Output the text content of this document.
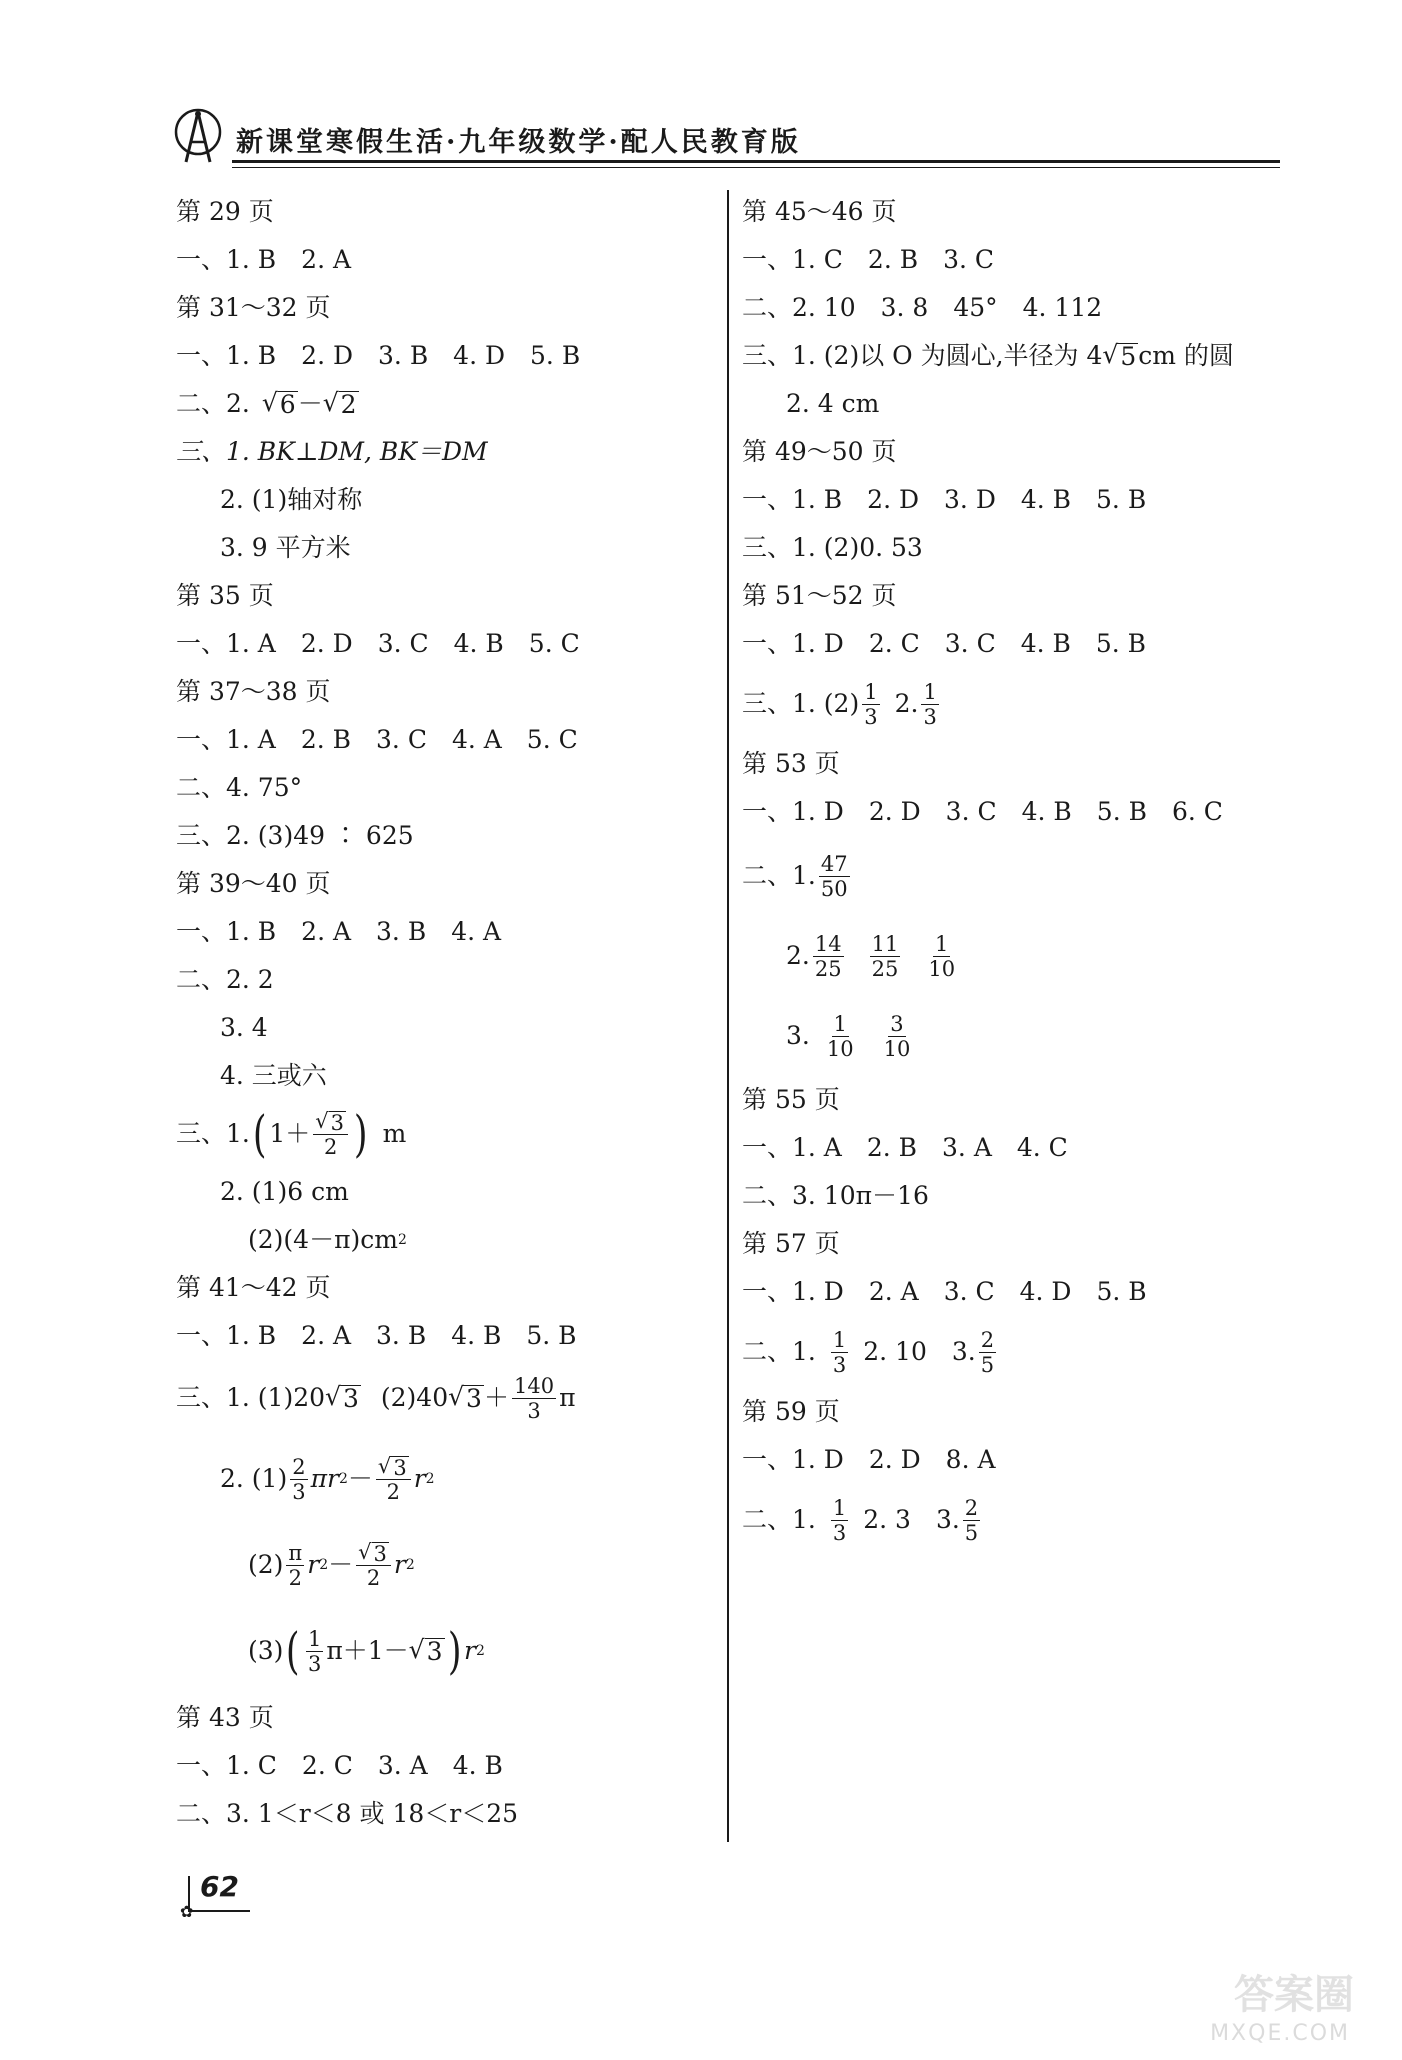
新课堂寒假生活·九年级数学·配人民教育版
第 29 页
一、1. B　2. A
第 31～32 页
一、1. B　2. D　3. B　4. D　5. B
二、2. √ 6 － √ 2
三、1. BK⊥DM, BK＝DM
2. (1)轴对称
3. 9 平方米
第 35 页
一、1. A　2. D　3. C　4. B　5. C
第 37～38 页
一、1. A　2. B　3. C　4. A　5. C
二、4. 75°
三、2. (3)49 ∶ 625
第 39～40 页
一、1. B　2. A　3. B　4. A
二、2. 2
3. 4
4. 三或六
三、1. ( $1+ \frac{√ 3}{2}$ ) m
2. (1)6 cm
(2)(4－π)cm 2
第 41～42 页
一、1. B　2. A　3. B　4. B　5. B
三、1. (1)20 √ 3 (2)40 √ $3 + \frac{140}{3}$ π
2. $(1) \frac{2}{3}$ πr $2 - \frac{√ 3}{2}$ r 2
$(2) \frac{\pi}{2}$ r $2 - \frac{√ 3}{2}$ r 2
(3) ( $\frac{1}{3} \pi+1-$ √ 3 ) r 2
第 43 页
一、1. C　2. C　3. A　4. B
二、3. 1＜r＜8 或 18＜r＜25
第 45～46 页
一、1. C　2. B　3. C
二、2. 10　3. 8　45°　4. 112
三、1. (2)以 O 为圆心,半径为 4 √ 5 cm 的圆
2. 4 cm
第 49～50 页
一、1. B　2. D　3. D　4. B　5. B
三、1. (2)0. 53
第 51～52 页
一、1. D　2. C　3. C　4. B　5. B
三、1. $(2) \frac{1}{3} 2$. $\frac{1}{3}$
第 53 页
一、1. D　2. D　3. C　4. B　5. B　6. C
二、1. $\frac{47}{50}$
2. $\frac{14}{25} \frac{11}{25} \frac{1}{10}$
3. $\frac{1}{10} \frac{3}{10}$
第 55 页
一、1. A　2. B　3. A　4. C
二、3. 10π－16
第 57 页
一、1. D　2. A　3. C　4. D　5. B
二、1. $\frac{1}{3} 2$. 10　3. $\frac{2}{5}$
第 59 页
一、1. D　2. D　8. A
二、1. $\frac{1}{3} 2$. 3　3. $\frac{2}{5}$
62
✿
答案圈
MXQE.COM
